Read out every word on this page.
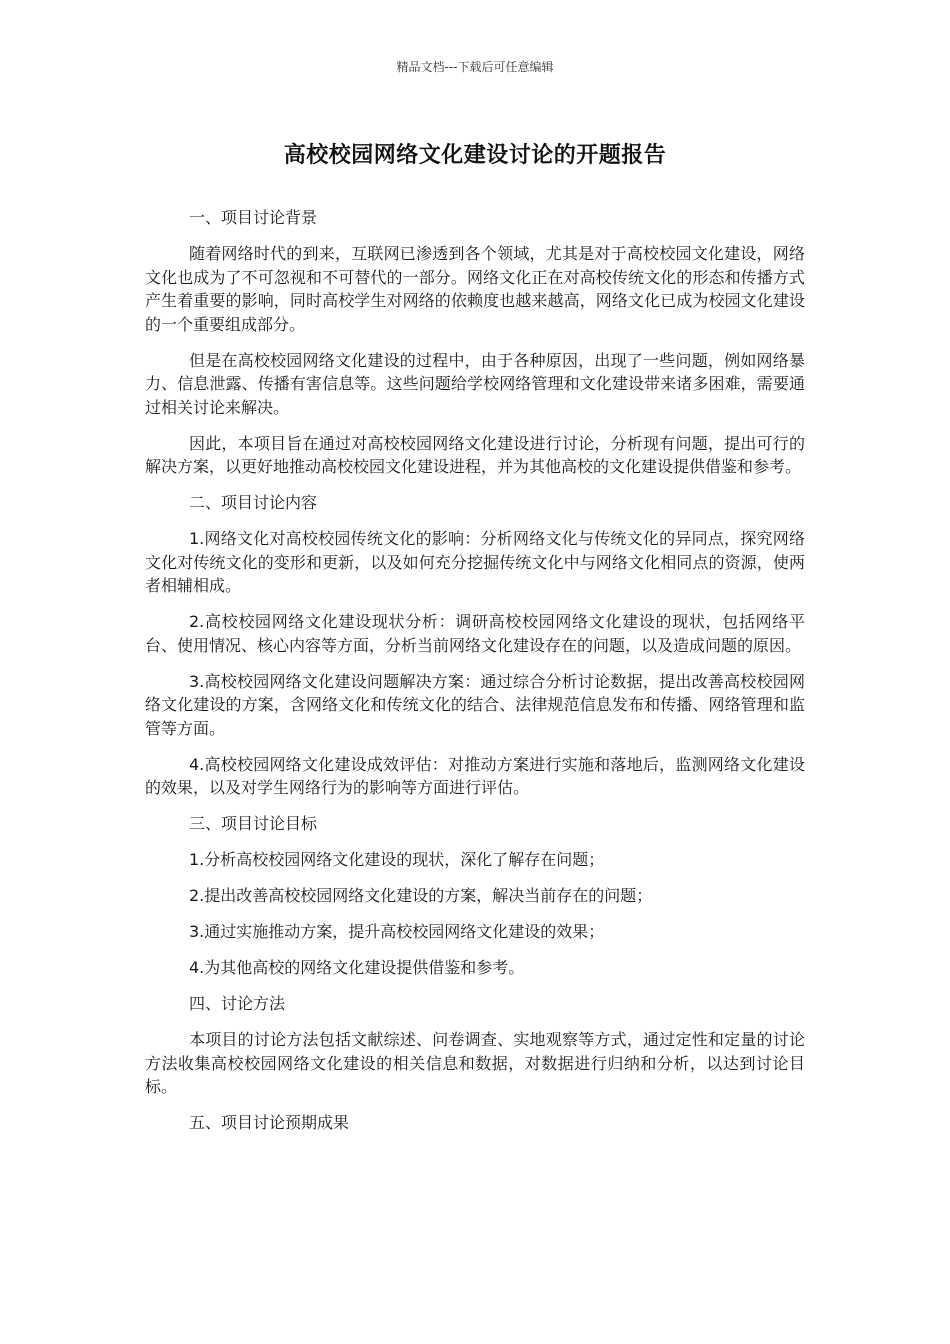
精品文档---下载后可任意编辑
高校校园网络文化建设讨论的开题报告

一、项目讨论背景

随着网络时代的到来，互联网已渗透到各个领域，尤其是对于高校校园文化建设，网络文化也成为了不可忽视和不可替代的一部分。网络文化正在对高校传统文化的形态和传播方式产生着重要的影响，同时高校学生对网络的依赖度也越来越高，网络文化已成为校园文化建设的一个重要组成部分。

但是在高校校园网络文化建设的过程中，由于各种原因，出现了一些问题，例如网络暴力、信息泄露、传播有害信息等。这些问题给学校网络管理和文化建设带来诸多困难，需要通过相关讨论来解决。

因此，本项目旨在通过对高校校园网络文化建设进行讨论，分析现有问题，提出可行的解决方案，以更好地推动高校校园文化建设进程，并为其他高校的文化建设提供借鉴和参考。

二、项目讨论内容

1.网络文化对高校校园传统文化的影响：分析网络文化与传统文化的异同点，探究网络文化对传统文化的变形和更新，以及如何充分挖掘传统文化中与网络文化相同点的资源，使两者相辅相成。

2.高校校园网络文化建设现状分析：调研高校校园网络文化建设的现状，包括网络平台、使用情况、核心内容等方面，分析当前网络文化建设存在的问题，以及造成问题的原因。

3.高校校园网络文化建设问题解决方案：通过综合分析讨论数据，提出改善高校校园网络文化建设的方案，含网络文化和传统文化的结合、法律规范信息发布和传播、网络管理和监管等方面。

4.高校校园网络文化建设成效评估：对推动方案进行实施和落地后，监测网络文化建设的效果，以及对学生网络行为的影响等方面进行评估。

三、项目讨论目标

1.分析高校校园网络文化建设的现状，深化了解存在问题；

2.提出改善高校校园网络文化建设的方案，解决当前存在的问题；

3.通过实施推动方案，提升高校校园网络文化建设的效果；

4.为其他高校的网络文化建设提供借鉴和参考。

四、讨论方法

本项目的讨论方法包括文献综述、问卷调查、实地观察等方式，通过定性和定量的讨论方法收集高校校园网络文化建设的相关信息和数据，对数据进行归纳和分析，以达到讨论目标。

五、项目讨论预期成果
